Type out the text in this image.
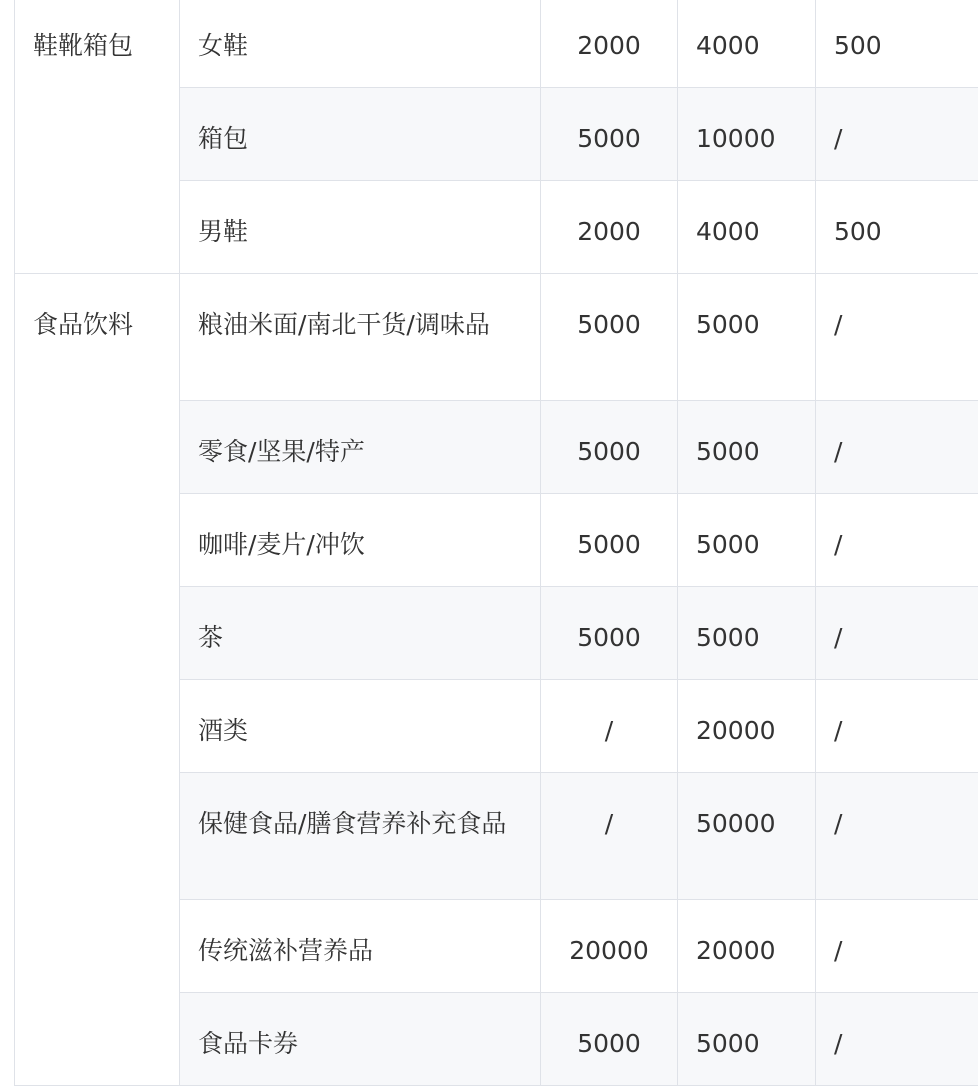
鞋靴箱包	女鞋	2000	4000	500
	箱包	5000	10000	/
	男鞋	2000	4000	500
食品饮料	粮油米面/南北干货/调味品	5000	5000	/
	零食/坚果/特产	5000	5000	/
	咖啡/麦片/冲饮	5000	5000	/
	茶	5000	5000	/
	酒类	/	20000	/
	保健食品/膳食营养补充食品	/	50000	/
	传统滋补营养品	20000	20000	/
	食品卡券	5000	5000	/
